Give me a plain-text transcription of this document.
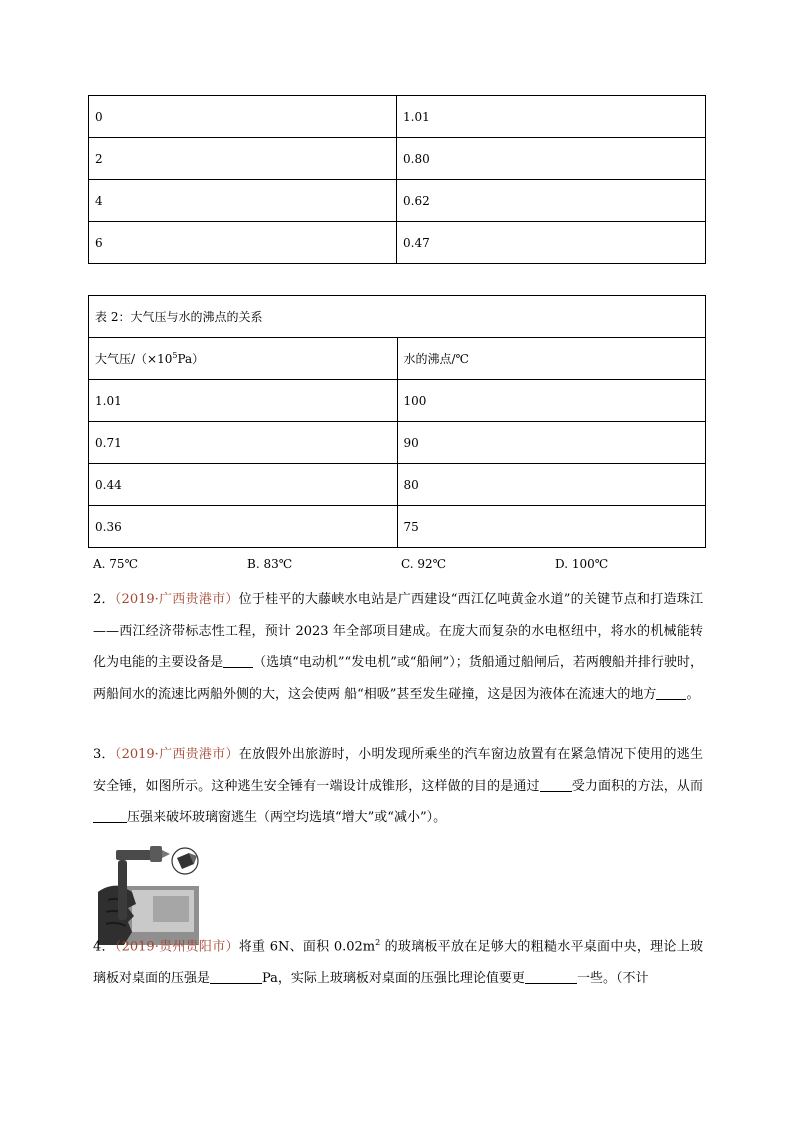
0	1.01
2	0.80
4	0.62
6	0.47
表 2：大气压与水的沸点的关系	
大气压$/(\times 10^5Pa)$	水的沸点/℃
1.01	100
0.71	90
0.44	80
0.36	75
A. 75℃	B. 83℃	C. 92℃	D. 100℃
2．（2019·广西贵港市）位于桂平的大藤峡水电站是广西建设“西江亿吨黄金水道”的关键节点和打造珠江——西江经济带标志性工程，预计 2023 年全部项目建成。在庞大而复杂的水电枢纽中，将水的机械能转化为电能的主要设备是 （选填“电动机”“发电机”或“船闸”）；货船通过船闸后，若两艘船并排行驶时，两船间水的流速比两船外侧的大，这会使两 船“相吸”甚至发生碰撞，这是因为液体在流速大的地方 。
3．（2019·广西贵港市）在放假外出旅游时，小明发现所乘坐的汽车窗边放置有在紧急情况下使用的逃生安全锤，如图所示。这种逃生安全锤有一端设计成锥形，这样做的目的是通过 受力面积的方法，从而压强来破坏玻璃窗逃生（两空均选填“增大”或“减小”）。
4．（2019·贵州贵阳市）将重 6N、面积 $0.02m^2$ 的玻璃板平放在足够大的粗糙水平桌面中央，理论上玻璃板对桌面的压强是	Pa，实际上玻璃板对桌面的压强比理论值要更	一些。（不计
